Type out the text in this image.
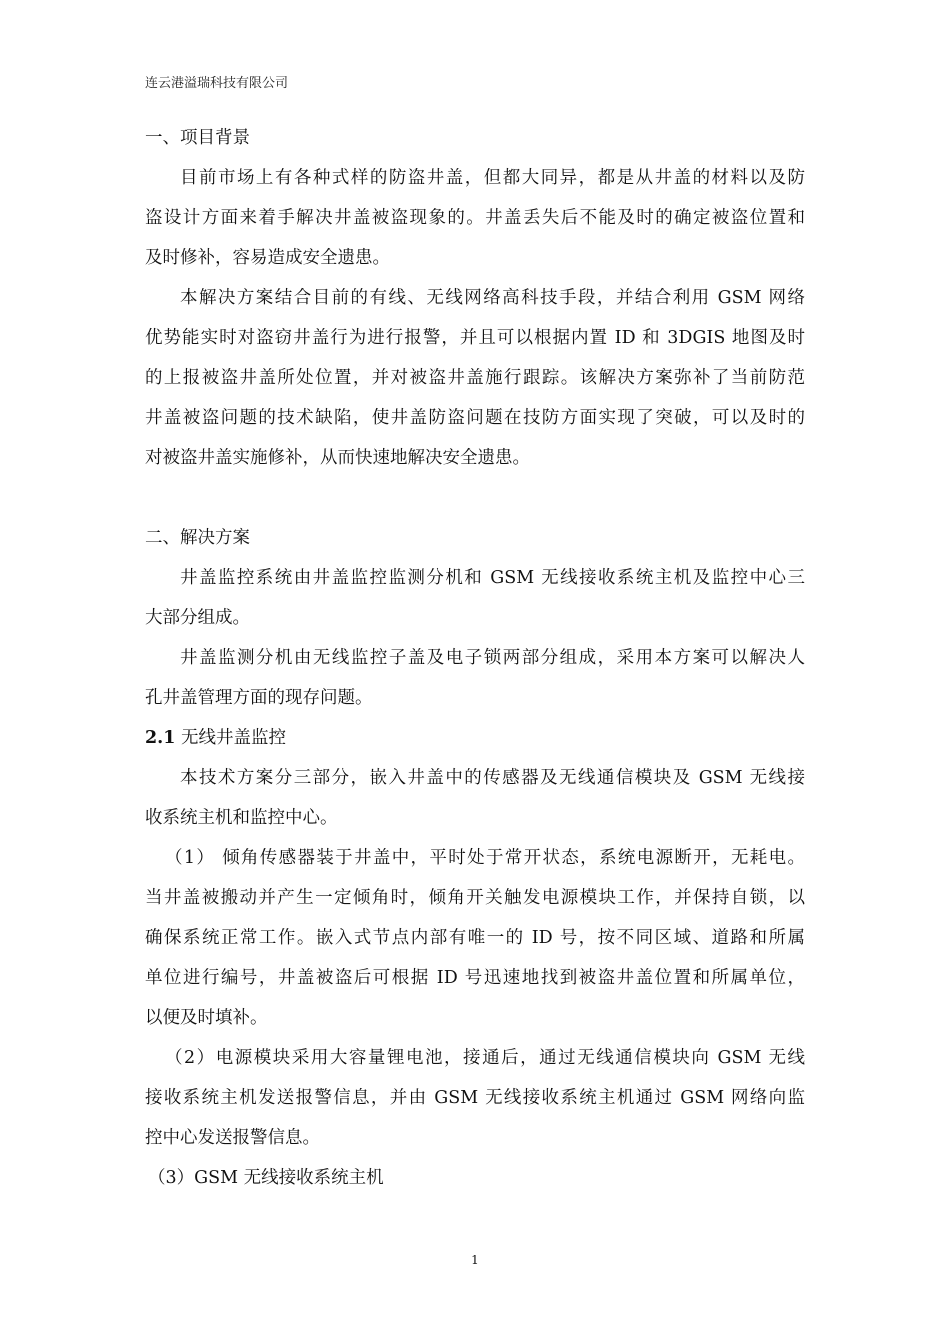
连云港溢瑞科技有限公司
一、项目背景
目前市场上有各种式样的防盗井盖，但都大同异，都是从井盖的材料以及防
盗设计方面来着手解决井盖被盗现象的。井盖丢失后不能及时的确定被盗位置和
及时修补，容易造成安全遗患。
本解决方案结合目前的有线、无线网络高科技手段，并结合利用 GSM 网络
优势能实时对盗窃井盖行为进行报警，并且可以根据内置 ID 和 3DGIS 地图及时
的上报被盗井盖所处位置，并对被盗井盖施行跟踪。该解决方案弥补了当前防范
井盖被盗问题的技术缺陷，使井盖防盗问题在技防方面实现了突破，可以及时的
对被盗井盖实施修补，从而快速地解决安全遗患。
二、解决方案
井盖监控系统由井盖监控监测分机和 GSM 无线接收系统主机及监控中心三
大部分组成。
井盖监测分机由无线监控子盖及电子锁两部分组成，采用本方案可以解决人
孔井盖管理方面的现存问题。
2.1 无线井盖监控
本技术方案分三部分，嵌入井盖中的传感器及无线通信模块及 GSM 无线接
收系统主机和监控中心。
（1） 倾角传感器装于井盖中，平时处于常开状态，系统电源断开，无耗电。
当井盖被搬动并产生一定倾角时，倾角开关触发电源模块工作，并保持自锁，以
确保系统正常工作。嵌入式节点内部有唯一的 ID 号，按不同区域、道路和所属
单位进行编号，井盖被盗后可根据 ID 号迅速地找到被盗井盖位置和所属单位，
以便及时填补。
（2）电源模块采用大容量锂电池，接通后，通过无线通信模块向 GSM 无线
接收系统主机发送报警信息，并由 GSM 无线接收系统主机通过 GSM 网络向监
控中心发送报警信息。
（3）GSM 无线接收系统主机
1
